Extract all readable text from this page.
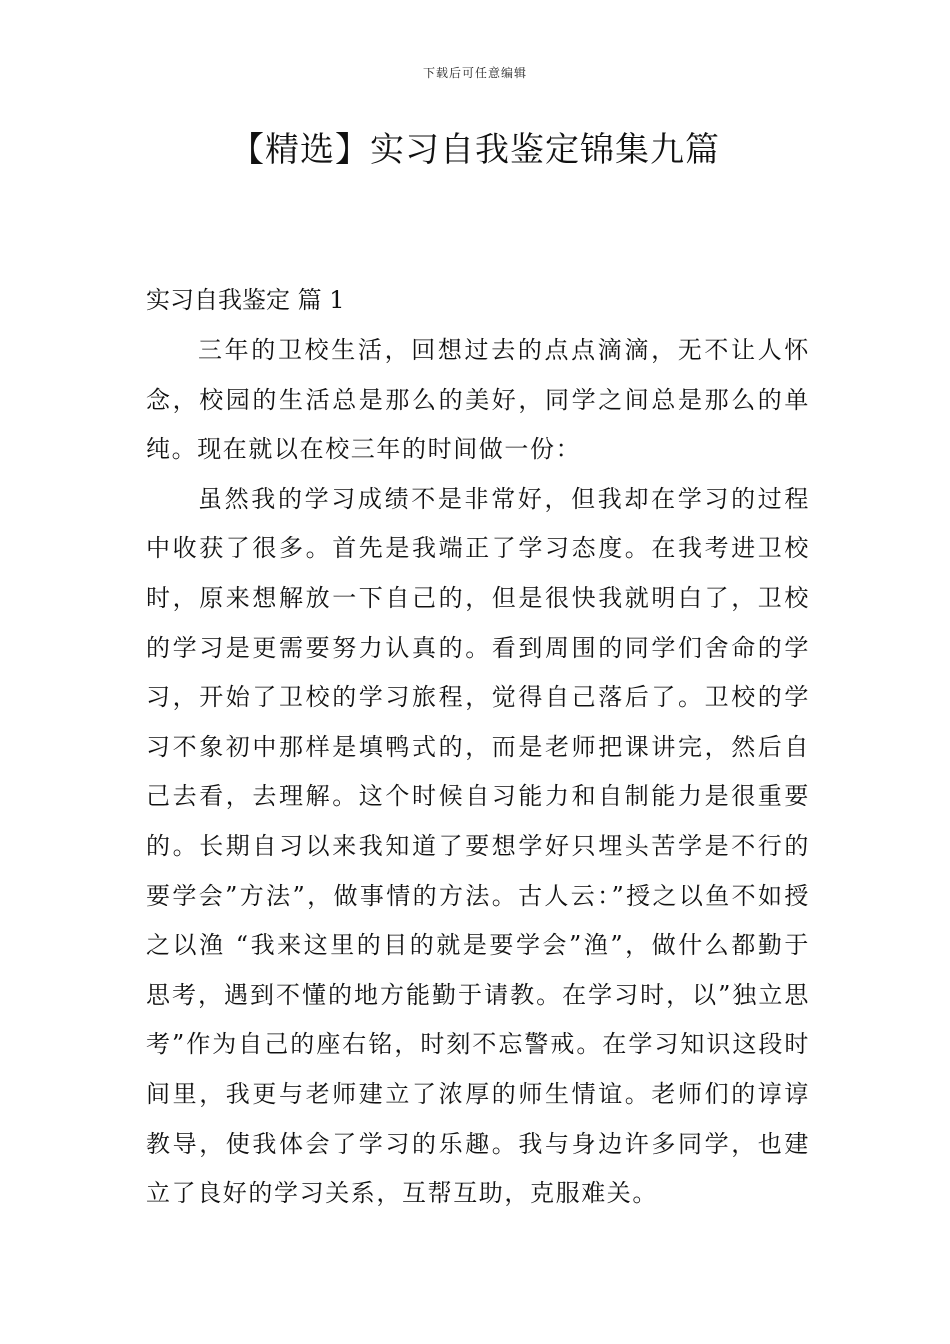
下载后可任意编辑
【精选】实习自我鉴定锦集九篇
实习自我鉴定 篇 1

三年的卫校生活，回想过去的点点滴滴，无不让人怀念，校园的生活总是那么的美好，同学之间总是那么的单纯。现在就以在校三年的时间做一份：

虽然我的学习成绩不是非常好，但我却在学习的过程中收获了很多。首先是我端正了学习态度。在我考进卫校时，原来想解放一下自己的，但是很快我就明白了，卫校的学习是更需要努力认真的。看到周围的同学们舍命的学习，开始了卫校的学习旅程，觉得自己落后了。卫校的学习不象初中那样是填鸭式的，而是老师把课讲完，然后自己去看，去理解。这个时候自习能力和自制能力是很重要的。长期自习以来我知道了要想学好只埋头苦学是不行的要学会”方法”，做事情的方法。古人云：”授之以鱼不如授之以渔 “我来这里的目的就是要学会”渔”，做什么都勤于思考，遇到不懂的地方能勤于请教。在学习时，以”独立思考”作为自己的座右铭，时刻不忘警戒。在学习知识这段时间里，我更与老师建立了浓厚的师生情谊。老师们的谆谆教导，使我体会了学习的乐趣。我与身边许多同学，也建立了良好的学习关系，互帮互助，克服难关。
